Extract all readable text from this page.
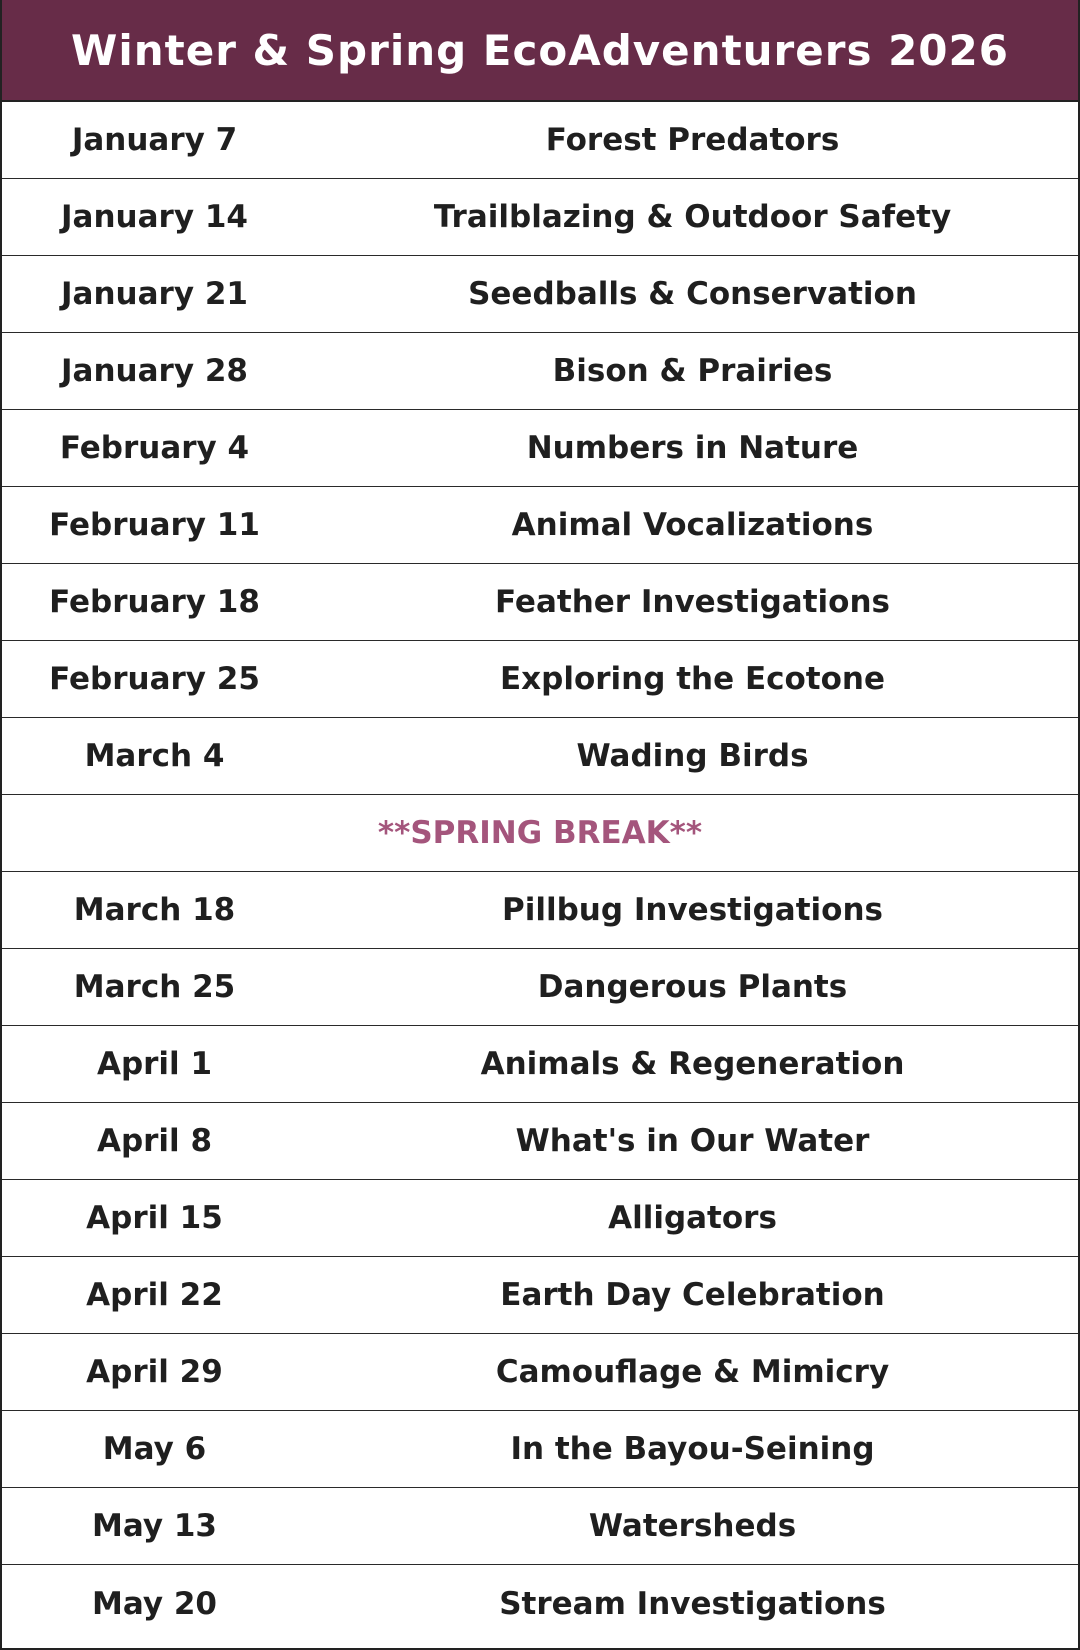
Winter & Spring EcoAdventurers 2026
January 7	Forest Predators
January 14	Trailblazing & Outdoor Safety
January 21	Seedballs & Conservation
January 28	Bison & Prairies
February 4	Numbers in Nature
February 11	Animal Vocalizations
February 18	Feather Investigations
February 25	Exploring the Ecotone
March 4	Wading Birds
**SPRING BREAK**
March 18	Pillbug Investigations
March 25	Dangerous Plants
April 1	Animals & Regeneration
April 8	What's in Our Water
April 15	Alligators
April 22	Earth Day Celebration
April 29	Camouflage & Mimicry
May 6	In the Bayou-Seining
May 13	Watersheds
May 20	Stream Investigations
